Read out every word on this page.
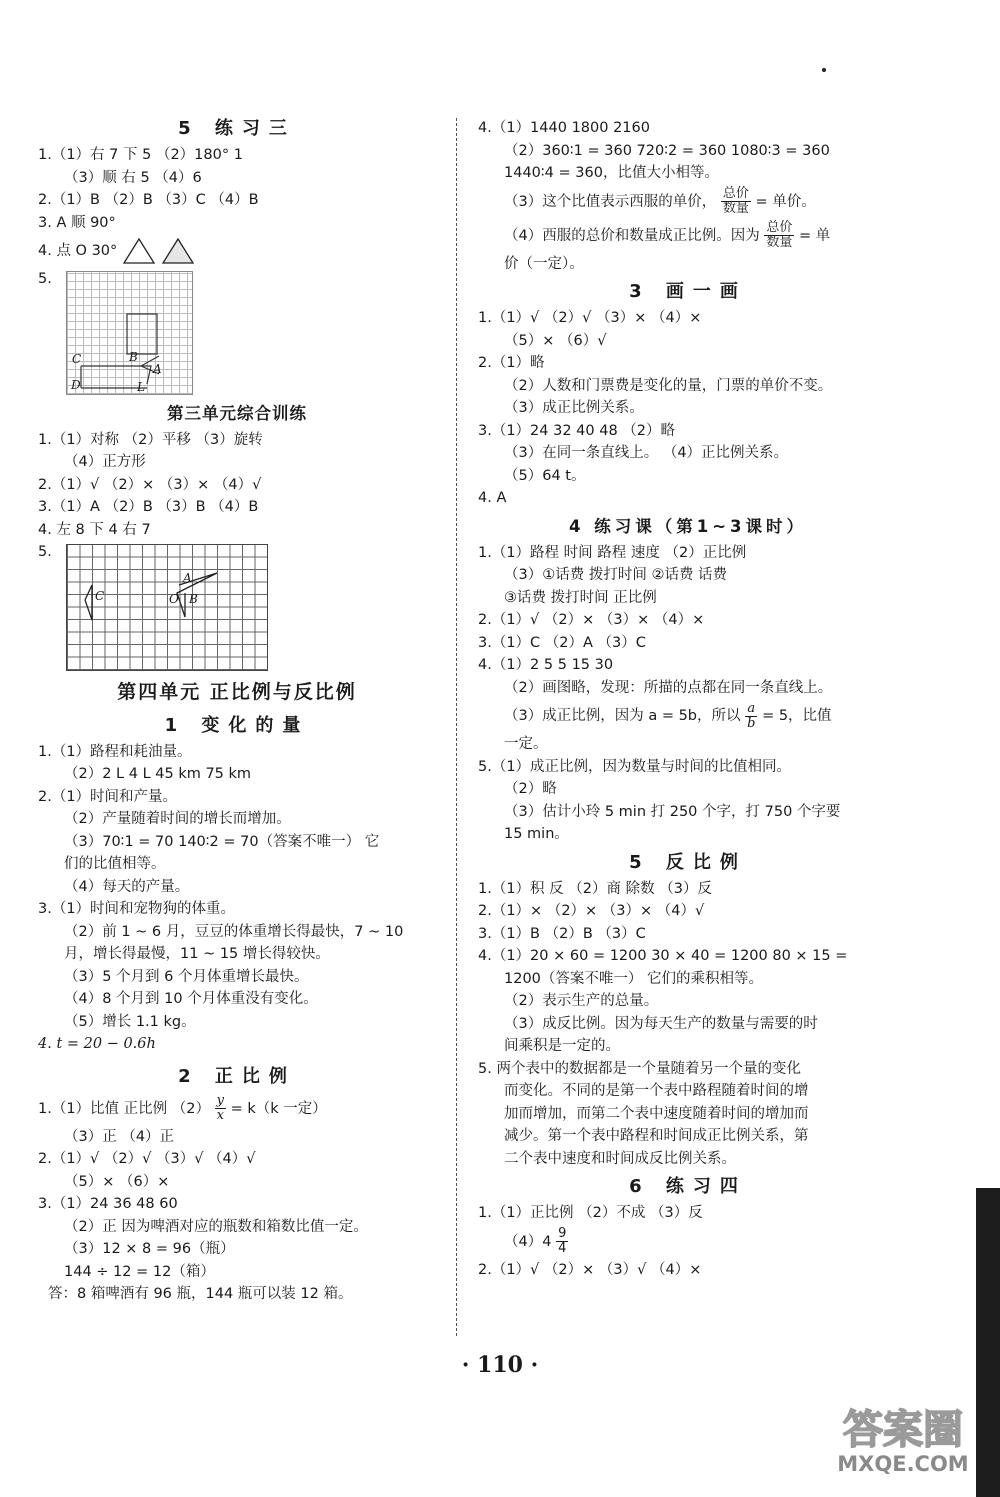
5 练习三
1.（1）右 7 下 5 （2）180° 1
（3）顺 右 5 （4）6
2.（1）B （2）B （3）C （4）B
3. A 顺 90°
4. 点 O 30°
5.
C	B
A
D	L
第三单元综合训练
1.（1）对称 （2）平移 （3）旋转
（4）正方形
2.（1）√ （2）× （3）× （4）√
3.（1）A （2）B （3）B （4）B
4. 左 8 下 4 右 7
5.
C
A
O B
第四单元 正比例与反比例
1 变化的量
1.（1）路程和耗油量。
（2）2 L 4 L 45 km 75 km
2.（1）时间和产量。
（2）产量随着时间的增长而增加。
（3）70∶1 = 70 140∶2 = 70（答案不唯一） 它
们的比值相等。
（4）每天的产量。
3.（1）时间和宠物狗的体重。
（2）前 1 ~ 6 月，豆豆的体重增长得最快，7 ~ 10
月，增长得最慢，11 ~ 15 增长得较快。
（3）5 个月到 6 个月体重增长最快。
（4）8 个月到 10 个月体重没有变化。
（5）增长 1.1 kg。
4. t = 20 − 0.6h
2 正比例
1.（1）比值 正比例 $(2) \frac{y}{x} = k(k$ 一定）
（3）正 （4）正
2.（1）√ （2）√ （3）√ （4）√
（5）× （6）×
3.（1）24 36 48 60
（2）正 因为啤酒对应的瓶数和箱数比值一定。
（3）12 × 8 = 96（瓶）
144 ÷ 12 = 12（箱）
答：8 箱啤酒有 96 瓶，144 瓶可以装 12 箱。
4.（1）1440 1800 2160
（2）360∶1 = 360 720∶2 = 360 1080∶3 = 360
1440∶4 = 360，比值大小相等。
（3）这个比值表示西服的单价， $\frac{\text{总价}}{\text{数量}}$ = 单价。
（4）西服的总价和数量成正比例。因为 $\frac{\text{总价}}{\text{数量}}$ = 单
价（一定）。
3 画一画
1.（1）√ （2）√ （3）× （4）×
（5）× （6）√
2.（1）略
（2）人数和门票费是变化的量，门票的单价不变。
（3）成正比例关系。
3.（1）24 32 40 48 （2）略
（3）在同一条直线上。 （4）正比例关系。
（5）64 t。
4. A
4 练习课（第1~3课时）
1.（1）路程 时间 路程 速度 （2）正比例
（3）①话费 拨打时间 ②话费 话费
③话费 拨打时间 正比例
2.（1）√ （2）× （3）× （4）×
3.（1）C （2）A （3）C
4.（1）2 5 5 15 30
（2）画图略，发现：所描的点都在同一条直线上。
（3）成正比例，因为 a = 5b，所以 $\frac{a}{b} = 5$，比值
一定。
5.（1）成正比例，因为数量与时间的比值相同。
（2）略
（3）估计小玲 5 min 打 250 个字，打 750 个字要
15 min。
5 反比例
1.（1）积 反 （2）商 除数 （3）反
2.（1）× （2）× （3）× （4）√
3.（1）B （2）B （3）C
4.（1）20 × 60 = 1200 30 × 40 = 1200 80 × 15 =
1200（答案不唯一） 它们的乘积相等。
（2）表示生产的总量。
（3）成反比例。因为每天生产的数量与需要的时
间乘积是一定的。
5. 两个表中的数据都是一个量随着另一个量的变化
而变化。不同的是第一个表中路程随着时间的增
加而增加，而第二个表中速度随着时间的增加而
减少。第一个表中路程和时间成正比例关系，第
二个表中速度和时间成反比例关系。
6 练习四
1.（1）正比例 （2）不成 （3）反
$(4)4 \frac{9}{4}$
2.（1）√ （2）× （3）√ （4）×
· 110 ·
答案圈
MXQE.COM
